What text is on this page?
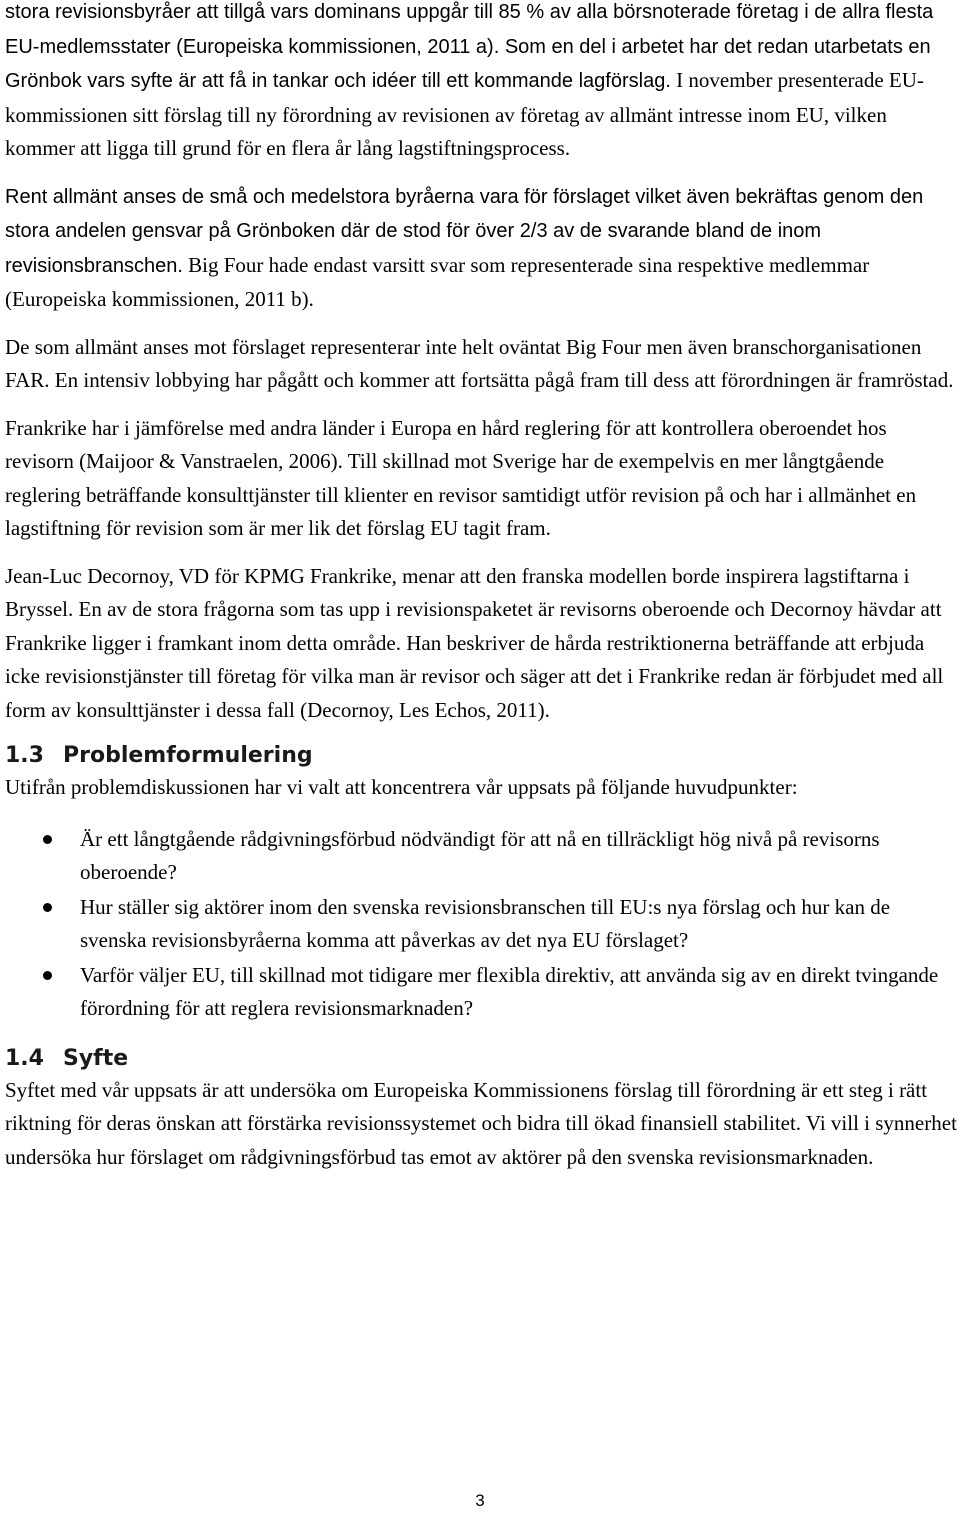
stora revisionsbyråer att tillgå vars dominans uppgår till 85 % av alla börsnoterade företag i de allra flesta EU-medlemsstater (Europeiska kommissionen, 2011 a). Som en del i arbetet har det redan utarbetats en Grönbok vars syfte är att få in tankar och idéer till ett kommande lagförslag. I november presenterade EU-kommissionen sitt förslag till ny förordning av revisionen av företag av allmänt intresse inom EU, vilken kommer att ligga till grund för en flera år lång lagstiftningsprocess.

Rent allmänt anses de små och medelstora byråerna vara för förslaget vilket även bekräftas genom den stora andelen gensvar på Grönboken där de stod för över 2/3 av de svarande bland de inom revisionsbranschen. Big Four hade endast varsitt svar som representerade sina respektive medlemmar (Europeiska kommissionen, 2011 b).

De som allmänt anses mot förslaget representerar inte helt oväntat Big Four men även branschorganisationen FAR. En intensiv lobbying har pågått och kommer att fortsätta pågå fram till dess att förordningen är framröstad.

Frankrike har i jämförelse med andra länder i Europa en hård reglering för att kontrollera oberoendet hos revisorn (Maijoor & Vanstraelen, 2006). Till skillnad mot Sverige har de exempelvis en mer långtgående reglering beträffande konsulttjänster till klienter en revisor samtidigt utför revision på och har i allmänhet en lagstiftning för revision som är mer lik det förslag EU tagit fram.

Jean-Luc Decornoy, VD för KPMG Frankrike, menar att den franska modellen borde inspirera lagstiftarna i Bryssel. En av de stora frågorna som tas upp i revisionspaketet är revisorns oberoende och Decornoy hävdar att Frankrike ligger i framkant inom detta område. Han beskriver de hårda restriktionerna beträffande att erbjuda icke revisionstjänster till företag för vilka man är revisor och säger att det i Frankrike redan är förbjudet med all form av konsulttjänster i dessa fall (Decornoy, Les Echos, 2011).

1.3 Problemformulering

Utifrån problemdiskussionen har vi valt att koncentrera vår uppsats på följande huvudpunkter:

Är ett långtgående rådgivningsförbud nödvändigt för att nå en tillräckligt hög nivå på revisorns oberoende?
Hur ställer sig aktörer inom den svenska revisionsbranschen till EU:s nya förslag och hur kan de svenska revisionsbyråerna komma att påverkas av det nya EU förslaget?
Varför väljer EU, till skillnad mot tidigare mer flexibla direktiv, att använda sig av en direkt tvingande förordning för att reglera revisionsmarknaden?
1.4 Syfte

Syftet med vår uppsats är att undersöka om Europeiska Kommissionens förslag till förordning är ett steg i rätt riktning för deras önskan att förstärka revisionssystemet och bidra till ökad finansiell stabilitet. Vi vill i synnerhet undersöka hur förslaget om rådgivningsförbud tas emot av aktörer på den svenska revisionsmarknaden.

3
